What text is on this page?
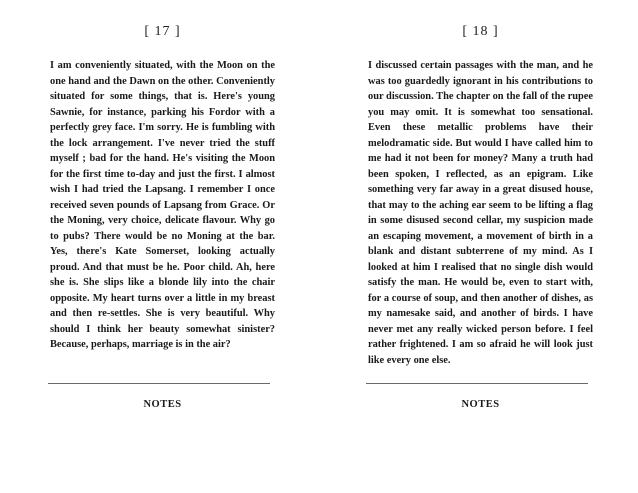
[ 17 ]

I am conveniently situated, with the Moon on the one hand and the Dawn on the other. Conveniently situated for some things, that is. Here's young Sawnie, for instance, parking his Fordor with a perfectly grey face. I'm sorry. He is fumbling with the lock arrangement. I've never tried the stuff myself ; bad for the hand. He's visiting the Moon for the first time to-day and just the first. I almost wish I had tried the Lapsang. I remember I once received seven pounds of Lapsang from Grace. Or the Moning, very choice, delicate flavour. Why go to pubs? There would be no Moning at the bar. Yes, there's Kate Somerset, looking actually proud. And that must be he. Poor child. Ah, here she is. She slips like a blonde lily into the chair opposite. My heart turns over a little in my breast and then re-settles. She is very beautiful. Why should I think her beauty somewhat sinister? Because, perhaps, marriage is in the air?

NOTES
[ 18 ]

I discussed certain passages with the man, and he was too guardedly ignorant in his contributions to our discussion. The chapter on the fall of the rupee you may omit. It is somewhat too sensational. Even these metallic problems have their melodramatic side. But would I have called him to me had it not been for money? Many a truth had been spoken, I reflected, as an epigram. Like something very far away in a great disused house, that may to the aching ear seem to be lifting a flag in some disused second cellar, my suspicion made an escaping movement, a movement of birth in a blank and distant subterrene of my mind. As I looked at him I realised that no single dish would satisfy the man. He would be, even to start with, for a course of soup, and then another of dishes, as my namesake said, and another of birds. I have never met any really wicked person before. I feel rather frightened. I am so afraid he will look just like every one else.

NOTES
